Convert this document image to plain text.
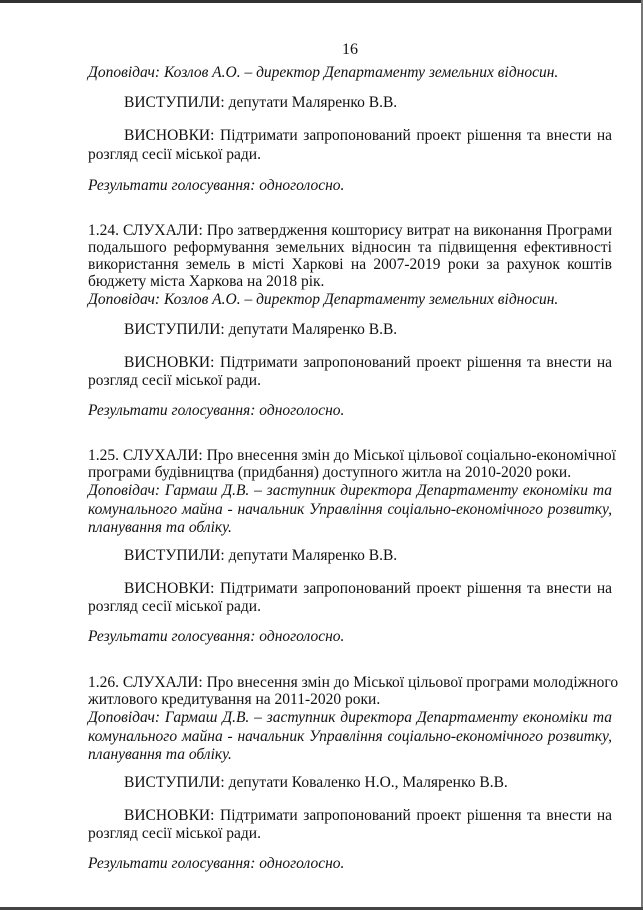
16
Доповідач: Козлов А.О. – директор Департаменту земельних відносин.
ВИСТУПИЛИ: депутати Маляренко В.В.
ВИСНОВКИ: Підтримати запропонований проект рішення та внести на
розгляд сесії міської ради.
Результати голосування: одноголосно.
1.24. СЛУХАЛИ: Про затвердження кошторису витрат на виконання Програми
подальшого реформування земельних відносин та підвищення ефективності
використання земель в місті Харкові на 2007-2019 роки за рахунок коштів
бюджету міста Харкова на 2018 рік.
Доповідач: Козлов А.О. – директор Департаменту земельних відносин.
ВИСТУПИЛИ: депутати Маляренко В.В.
ВИСНОВКИ: Підтримати запропонований проект рішення та внести на
розгляд сесії міської ради.
Результати голосування: одноголосно.
1.25. СЛУХАЛИ: Про внесення змін до Міської цільової соціально-економічної
програми будівництва (придбання) доступного житла на 2010-2020 роки.
Доповідач: Гармаш Д.В. – заступник директора Департаменту економіки та
комунального майна - начальник Управління соціально-економічного розвитку,
планування та обліку.
ВИСТУПИЛИ: депутати Маляренко В.В.
ВИСНОВКИ: Підтримати запропонований проект рішення та внести на
розгляд сесії міської ради.
Результати голосування: одноголосно.
1.26. СЛУХАЛИ: Про внесення змін до Міської цільової програми молодіжного
житлового кредитування на 2011-2020 роки.
Доповідач: Гармаш Д.В. – заступник директора Департаменту економіки та
комунального майна - начальник Управління соціально-економічного розвитку,
планування та обліку.
ВИСТУПИЛИ: депутати Коваленко Н.О., Маляренко В.В.
ВИСНОВКИ: Підтримати запропонований проект рішення та внести на
розгляд сесії міської ради.
Результати голосування: одноголосно.
